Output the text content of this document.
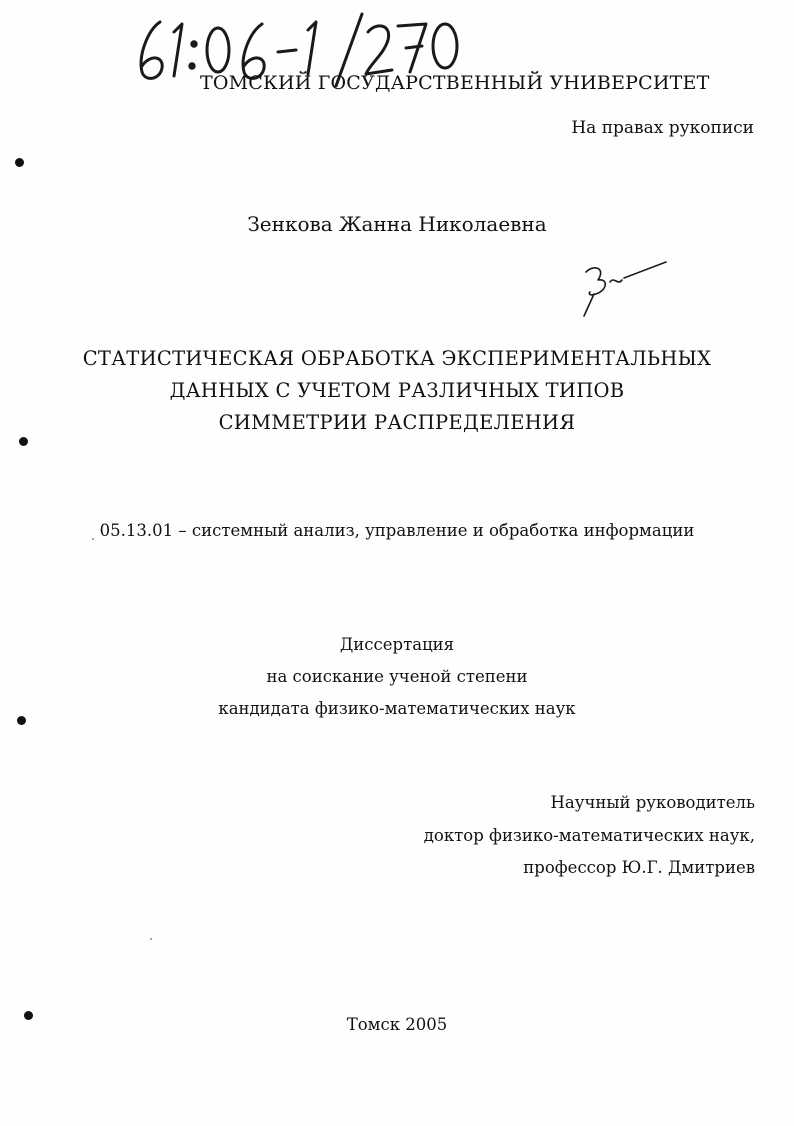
ТОМСКИЙ ГОСУДАРСТВЕННЫЙ УНИВЕРСИТЕТ
На правах рукописи
Зенкова Жанна Николаевна
СТАТИСТИЧЕСКАЯ ОБРАБОТКА ЭКСПЕРИМЕНТАЛЬНЫХ
ДАННЫХ С УЧЕТОМ РАЗЛИЧНЫХ ТИПОВ
СИММЕТРИИ РАСПРЕДЕЛЕНИЯ
05.13.01 – системный анализ, управление и обработка информации
Диссертация
на соискание ученой степени
кандидата физико-математических наук
Научный руководитель
доктор физико-математических наук,
профессор Ю.Г. Дмитриев
Томск 2005
